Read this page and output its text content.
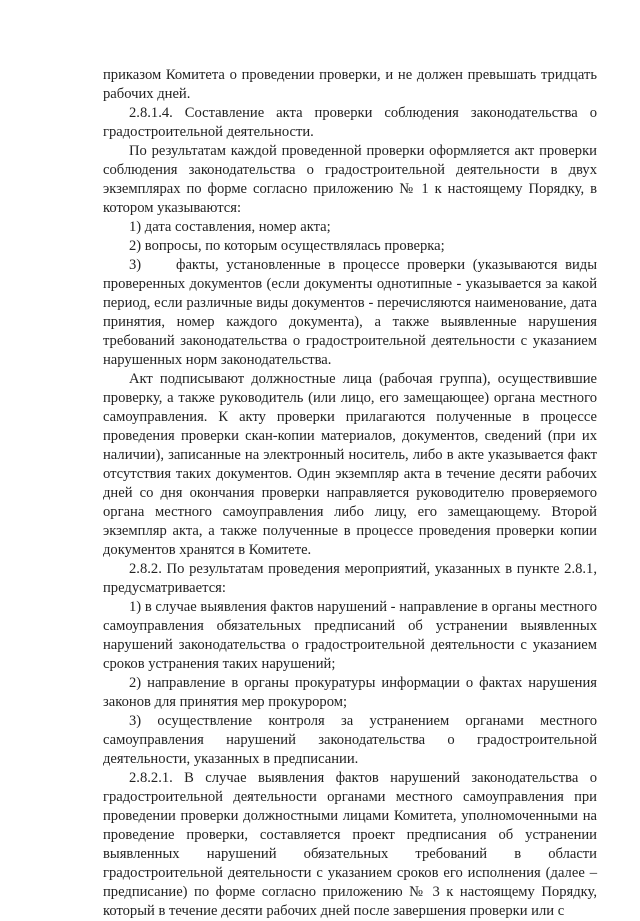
приказом Комитета о проведении проверки, и не должен превышать тридцать рабочих дней.

2.8.1.4. Составление акта проверки соблюдения законодательства о градостроительной деятельности.

По результатам каждой проведенной проверки оформляется акт проверки соблюдения законодательства о градостроительной деятельности в двух экземплярах по форме согласно приложению № 1 к настоящему Порядку, в котором указываются:

1) дата составления, номер акта;

2) вопросы, по которым осуществлялась проверка;

3) факты, установленные в процессе проверки (указываются виды проверенных документов (если документы однотипные - указывается за какой период, если различные виды документов - перечисляются наименование, дата принятия, номер каждого документа), а также выявленные нарушения требований законодательства о градостроительной деятельности с указанием нарушенных норм законодательства.

Акт подписывают должностные лица (рабочая группа), осуществившие проверку, а также руководитель (или лицо, его замещающее) органа местного самоуправления. К акту проверки прилагаются полученные в процессе проведения проверки скан-копии материалов, документов, сведений (при их наличии), записанные на электронный носитель, либо в акте указывается факт отсутствия таких документов. Один экземпляр акта в течение десяти рабочих дней со дня окончания проверки направляется руководителю проверяемого органа местного самоуправления либо лицу, его замещающему. Второй экземпляр акта, а также полученные в процессе проведения проверки копии документов хранятся в Комитете.

2.8.2. По результатам проведения мероприятий, указанных в пункте 2.8.1, предусматривается:

1) в случае выявления фактов нарушений - направление в органы местного самоуправления обязательных предписаний об устранении выявленных нарушений законодательства о градостроительной деятельности с указанием сроков устранения таких нарушений;

2) направление в органы прокуратуры информации о фактах нарушения законов для принятия мер прокурором;

3) осуществление контроля за устранением органами местного самоуправления нарушений законодательства о градостроительной деятельности, указанных в предписании.

2.8.2.1. В случае выявления фактов нарушений законодательства о градостроительной деятельности органами местного самоуправления при проведении проверки должностными лицами Комитета, уполномоченными на проведение проверки, составляется проект предписания об устранении выявленных нарушений обязательных требований в области градостроительной деятельности с указанием сроков его исполнения (далее – предписание) по форме согласно приложению № 3 к настоящему Порядку, который в течение десяти рабочих дней после завершения проверки или с
